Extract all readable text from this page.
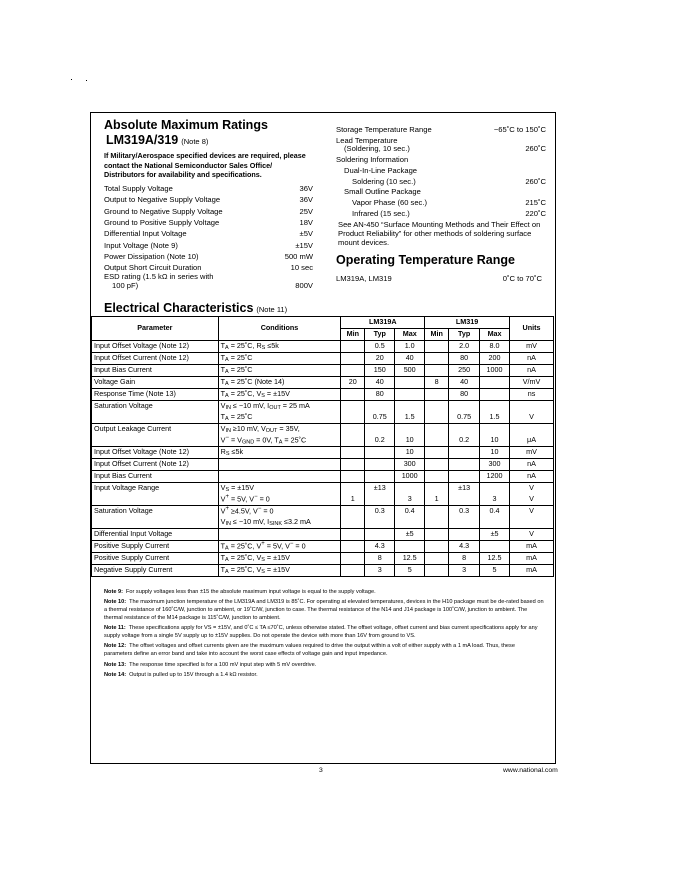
Absolute Maximum Ratings
LM319A/319 (Note 8)
If Military/Aerospace specified devices are required, please contact the National Semiconductor Sales Office/ Distributors for availability and specifications.
Total Supply Voltage	36V
Output to Negative Supply Voltage	36V
Ground to Negative Supply Voltage	25V
Ground to Positive Supply Voltage	18V
Differential Input Voltage	±5V
Input Voltage (Note 9)	±15V
Power Dissipation (Note 10)	500 mW
Output Short Circuit Duration	10 sec
ESD rating (1.5 kΩ in series with
100 pF)	800V
Storage Temperature Range	−65˚C to 150˚C
Lead Temperature
(Soldering, 10 sec.)	260˚C
Soldering Information
Dual-In-Line Package
Soldering (10 sec.)	260˚C
Small Outline Package
Vapor Phase (60 sec.)	215˚C
Infrared (15 sec.)	220˚C
See AN-450 “Surface Mounting Methods and Their Effect on Product Reliability” for other methods of soldering surface mount devices.
Operating Temperature Range
LM319A, LM319	0˚C to 70˚C
Electrical Characteristics (Note 11)
Parameter	Conditions	LM319A			LM319			Units
		Min	Typ	Max	Min	Typ	Max	
Input Offset Voltage (Note 12)	$T_A$ = 25˚C, $R_S \le 5k$		0.5	1.0		2.0	8.0	mV
Input Offset Current (Note 12)	$T_A$ = 25˚C		20	40		80	200	nA
Input Bias Current	$T_A$ = 25˚C		150	500		250	1000	nA
Voltage Gain	$T_A$ = 25˚C (Note 14)	20	40		8	40		V/mV
Response Time (Note 13)	$T_A$ = 25˚C, $V_S = \pm 15V$		80			80		ns
Saturation Voltage	$V_{IN} \le -10$ mV, $I_{OUT} = 25$ mA							
	$T_A$ = 25˚C		0.75	1.5		0.75	1.5	V
Output Leakage Current	$V_{IN} \ge 10$ mV, $V_{OUT} = 35V$,							
	$V^- = V_{GND} = 0V$, $T_A$ = 25˚C		0.2	10		0.2	10	μA
Input Offset Voltage (Note 12)	$R_S \le 5k$			10			10	mV
Input Offset Current (Note 12)				300			300	nA
Input Bias Current				1000			1200	nA
Input Voltage Range	$V_S = \pm 15V$		±13			±13		V
	V+ = 5V, V− = 0	1		3	1		3	V
Saturation Voltage	V+ ≥4.5V, V− = 0		0.3	0.4		0.3	0.4	V
	$V_{IN} \le -10$ mV, $I_{SINK} \le 3.2$ mA							
Differential Input Voltage				±5			±5	V
Positive Supply Current	$T_A$ = 25˚C, V+ = 5V, V− = 0		4.3			4.3		mA
Positive Supply Current	$T_A$ = 25˚C, $V_S = \pm 15V$		8	12.5		8	12.5	mA
Negative Supply Current	$T_A$ = 25˚C, $V_S = \pm 15V$		3	5		3	5	mA

Note 9: For supply voltages less than ±15 the absolute maximum input voltage is equal to the supply voltage.

Note 10: The maximum junction temperature of the LM319A and LM319 is 85˚C. For operating at elevated temperatures, devices in the H10 package must be de-rated based on a thermal resistance of 160˚C/W, junction to ambient, or 19˚C/W, junction to case. The thermal resistance of the N14 and J14 package is 100˚C/W, junction to ambient. The thermal resistance of the M14 package is 115˚C/W, junction to ambient.

Note 11: These specifications apply for VS = ±15V, and 0˚C ≤ TA ≤70˚C, unless otherwise stated. The offset voltage, offset current and bias current specifications apply for any supply voltage from a single 5V supply up to ±15V supplies. Do not operate the device with more than 16V from ground to VS.

Note 12: The offset voltages and offset currents given are the maximum values required to drive the output within a volt of either supply with a 1 mA load. Thus, these parameters define an error band and take into account the worst case effects of voltage gain and input impedance.

Note 13: The response time specified is for a 100 mV input step with 5 mV overdrive.

Note 14: Output is pulled up to 15V through a 1.4 kΩ resistor.

3	www.national.com
